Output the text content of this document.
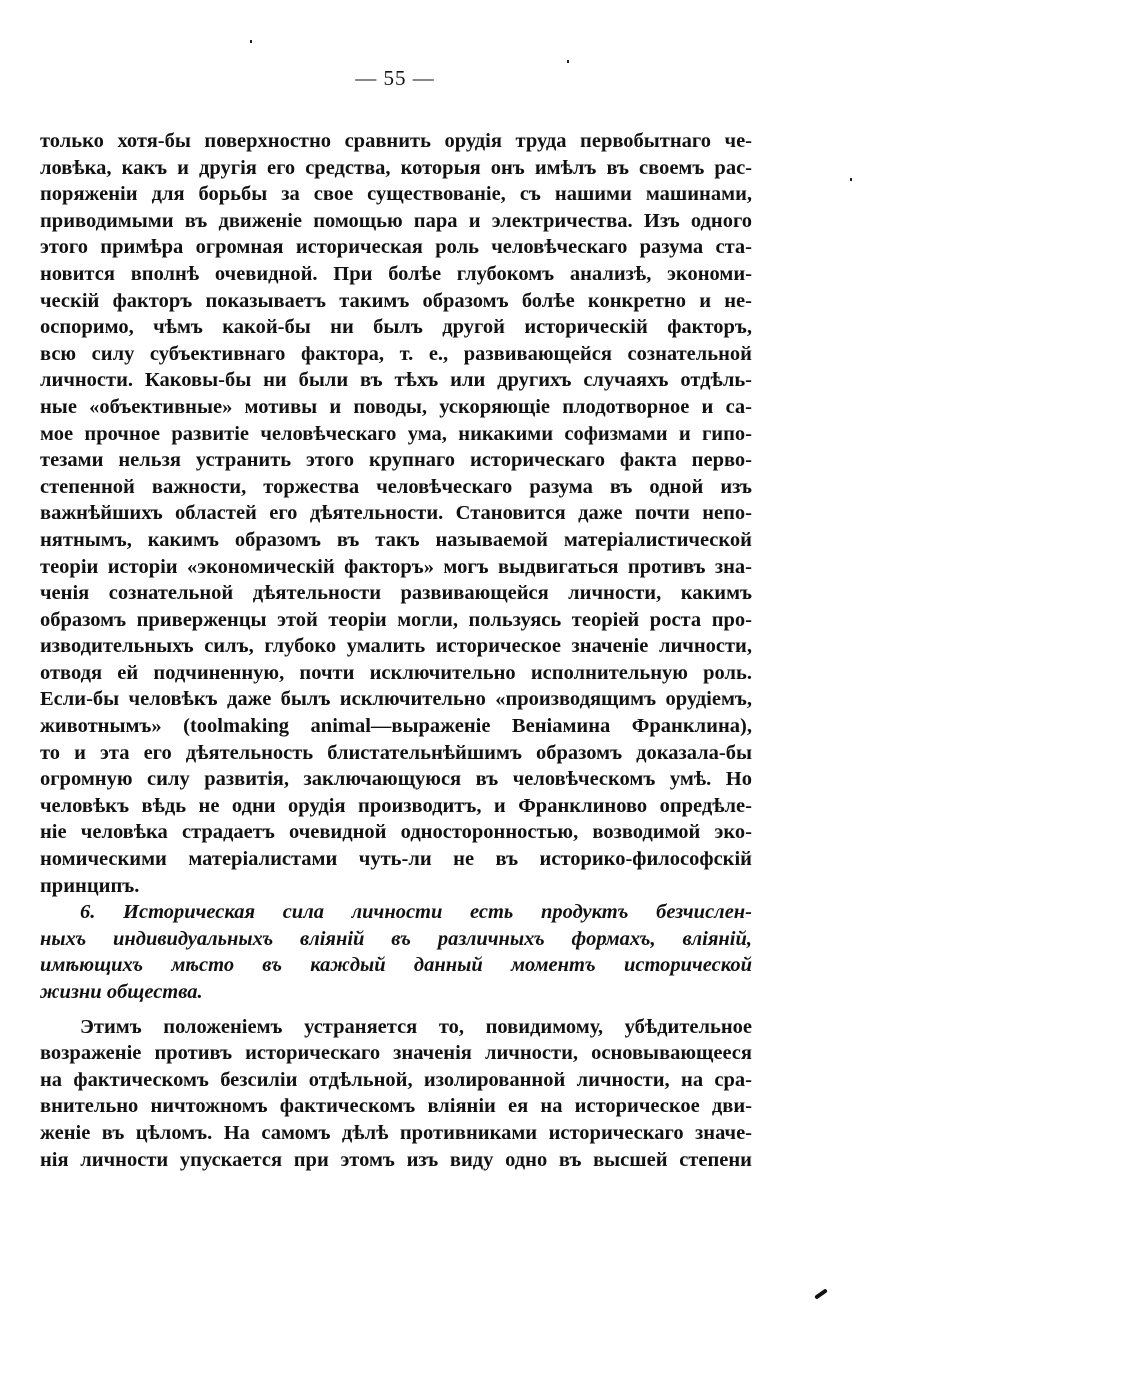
— 55 —
только хотя-бы поверхностно сравнить орудія труда первобытнаго че-
ловѣка, какъ и другія его средства, которыя онъ имѣлъ въ своемъ рас-
поряженіи для борьбы за свое существованіе, съ нашими машинами,
приводимыми въ движеніе помощью пара и электричества. Изъ одного
этого примѣра огромная историческая роль человѣческаго разума ста-
новится вполнѣ очевидной. При болѣе глубокомъ анализѣ, экономи-
ческій факторъ показываетъ такимъ образомъ болѣе конкретно и не-
оспоримо, чѣмъ какой-бы ни былъ другой историческій факторъ,
всю силу субъективнаго фактора, т. е., развивающейся сознательной
личности. Каковы-бы ни были въ тѣхъ или другихъ случаяхъ отдѣль-
ные «объективные» мотивы и поводы, ускоряющіе плодотворное и са-
мое прочное развитіе человѣческаго ума, никакими софизмами и гипо-
тезами нельзя устранить этого крупнаго историческаго факта перво-
степенной важности, торжества человѣческаго разума въ одной изъ
важнѣйшихъ областей его дѣятельности. Становится даже почти непо-
нятнымъ, какимъ образомъ въ такъ называемой матеріалистической
теоріи исторіи «экономическій факторъ» могъ выдвигаться противъ зна-
ченія сознательной дѣятельности развивающейся личности, какимъ
образомъ приверженцы этой теоріи могли, пользуясь теоріей роста про-
изводительныхъ силъ, глубоко умалить историческое значеніе личности,
отводя ей подчиненную, почти исключительно исполнительную роль.
Если-бы человѣкъ даже былъ исключительно «производящимъ орудіемъ,
животнымъ» (toolmaking animal—выраженіе Веніамина Франклина),
то и эта его дѣятельность блистательнѣйшимъ образомъ доказала-бы
огромную силу развитія, заключающуюся въ человѣческомъ умѣ. Но
человѣкъ вѣдь не одни орудія производитъ, и Франклиново опредѣле-
ніе человѣка страдаетъ очевидной односторонностью, возводимой эко-
номическими матеріалистами чуть-ли не въ историко-философскій
принципъ.
6. Историческая сила личности есть продуктъ безчислен-
ныхъ индивидуальныхъ вліяній въ различныхъ формахъ, вліяній,
имѣющихъ мѣсто въ каждый данный моментъ исторической
жизни общества.
Этимъ положеніемъ устраняется то, повидимому, убѣдительное
возраженіе противъ историческаго значенія личности, основывающееся
на фактическомъ безсиліи отдѣльной, изолированной личности, на сра-
внительно ничтожномъ фактическомъ вліяніи ея на историческое дви-
женіе въ цѣломъ. На самомъ дѣлѣ противниками историческаго значе-
нія личности упускается при этомъ изъ виду одно въ высшей степени
